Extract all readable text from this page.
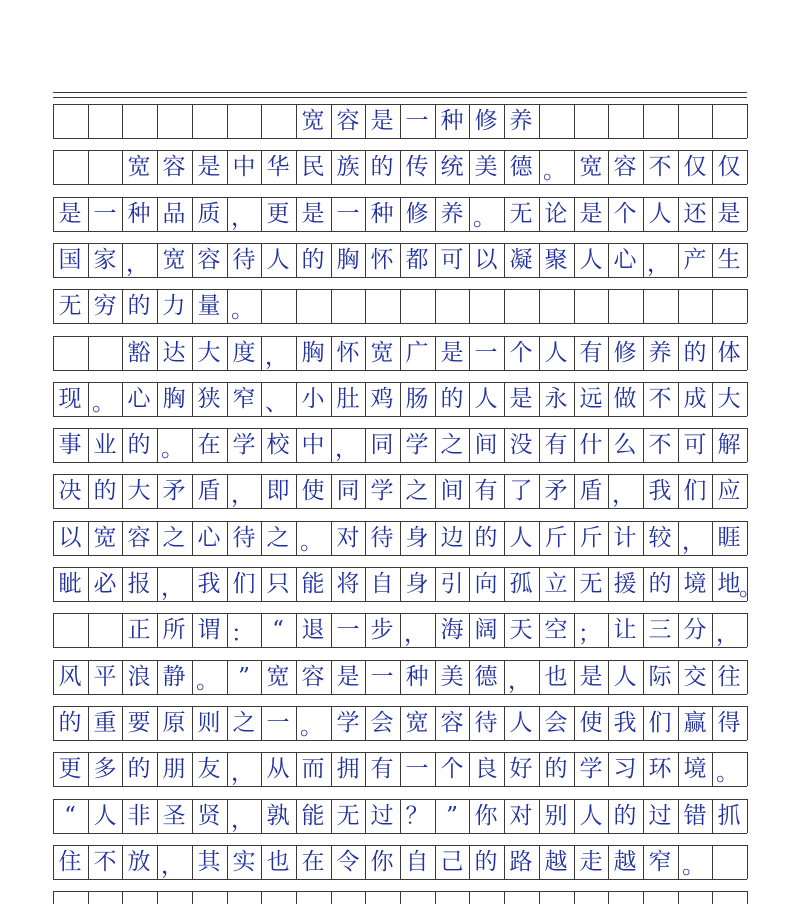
宽 容 是 一 种 修 养
宽 容 是 中 华 民 族 的 传 统 美 德 。 宽 容 不 仅 仅
是 一 种 品 质 ， 更 是 一 种 修 养 。 无 论 是 个 人 还 是
国 家 ， 宽 容 待 人 的 胸 怀 都 可 以 凝 聚 人 心 ， 产 生
无 穷 的 力 量 。
豁 达 大 度 ， 胸 怀 宽 广 是 一 个 人 有 修 养 的 体
现 。 心 胸 狭 窄 、 小 肚 鸡 肠 的 人 是 永 远 做 不 成 大
事 业 的 。 在 学 校 中 ， 同 学 之 间 没 有 什 么 不 可 解
决 的 大 矛 盾 ， 即 使 同 学 之 间 有 了 矛 盾 ， 我 们 应
以 宽 容 之 心 待 之 。 对 待 身 边 的 人 斤 斤 计 较 ， 睚
眦 必 报 ， 我 们 只 能 将 自 身 引 向 孤 立 无 援 的 境 地
。
正 所 谓 ： “ 退 一 步 ， 海 阔 天 空 ； 让 三 分 ，
风 平 浪 静 。 ” 宽 容 是 一 种 美 德 ， 也 是 人 际 交 往
的 重 要 原 则 之 一 。 学 会 宽 容 待 人 会 使 我 们 赢 得
更 多 的 朋 友 ， 从 而 拥 有 一 个 良 好 的 学 习 环 境 。
“ 人 非 圣 贤 ， 孰 能 无 过 ？ ” 你 对 别 人 的 过 错 抓
住 不 放 ， 其 实 也 在 令 你 自 己 的 路 越 走 越 窄 。
